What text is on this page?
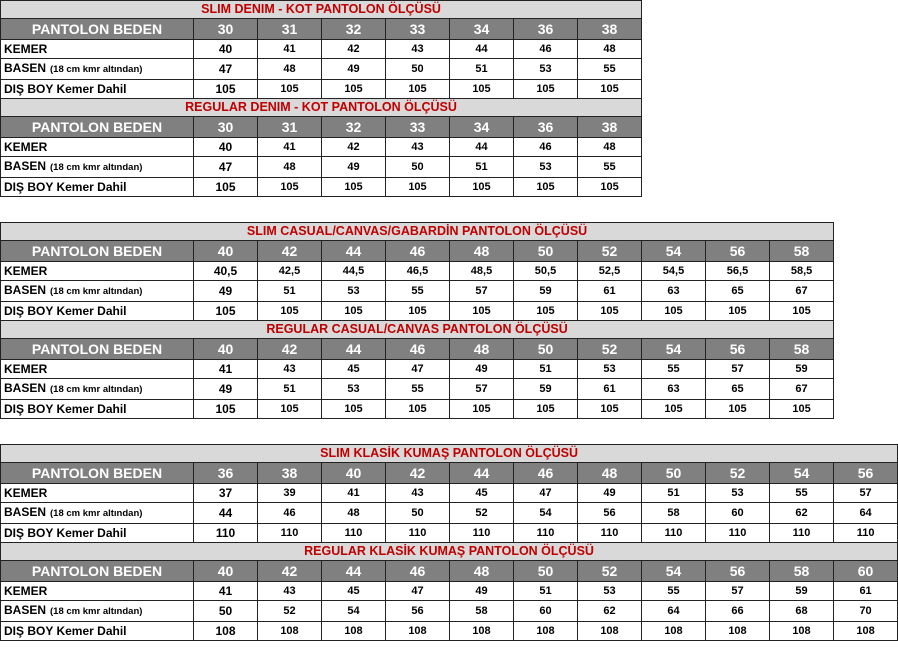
SLIM DENIM - KOT PANTOLON ÖLÇÜSÜ							
PANTOLON BEDEN	30	31	32	33	34	36	38
KEMER	40	41	42	43	44	46	48
BASEN (18 cm kmr altından)	47	48	49	50	51	53	55
DIŞ BOY Kemer Dahil	105	105	105	105	105	105	105
REGULAR DENIM - KOT PANTOLON ÖLÇÜSÜ							
PANTOLON BEDEN	30	31	32	33	34	36	38
KEMER	40	41	42	43	44	46	48
BASEN (18 cm kmr altından)	47	48	49	50	51	53	55
DIŞ BOY Kemer Dahil	105	105	105	105	105	105	105
SLIM CASUAL/CANVAS/GABARDİN PANTOLON ÖLÇÜSÜ										
PANTOLON BEDEN	40	42	44	46	48	50	52	54	56	58
KEMER	40,5	42,5	44,5	46,5	48,5	50,5	52,5	54,5	56,5	58,5
BASEN (18 cm kmr altından)	49	51	53	55	57	59	61	63	65	67
DIŞ BOY Kemer Dahil	105	105	105	105	105	105	105	105	105	105
REGULAR CASUAL/CANVAS PANTOLON ÖLÇÜSÜ										
PANTOLON BEDEN	40	42	44	46	48	50	52	54	56	58
KEMER	41	43	45	47	49	51	53	55	57	59
BASEN (18 cm kmr altından)	49	51	53	55	57	59	61	63	65	67
DIŞ BOY Kemer Dahil	105	105	105	105	105	105	105	105	105	105
SLIM KLASİK KUMAŞ PANTOLON ÖLÇÜSÜ											
PANTOLON BEDEN	36	38	40	42	44	46	48	50	52	54	56
KEMER	37	39	41	43	45	47	49	51	53	55	57
BASEN (18 cm kmr altından)	44	46	48	50	52	54	56	58	60	62	64
DIŞ BOY Kemer Dahil	110	110	110	110	110	110	110	110	110	110	110
REGULAR KLASİK KUMAŞ PANTOLON ÖLÇÜSÜ											
PANTOLON BEDEN	40	42	44	46	48	50	52	54	56	58	60
KEMER	41	43	45	47	49	51	53	55	57	59	61
BASEN (18 cm kmr altından)	50	52	54	56	58	60	62	64	66	68	70
DIŞ BOY Kemer Dahil	108	108	108	108	108	108	108	108	108	108	108
